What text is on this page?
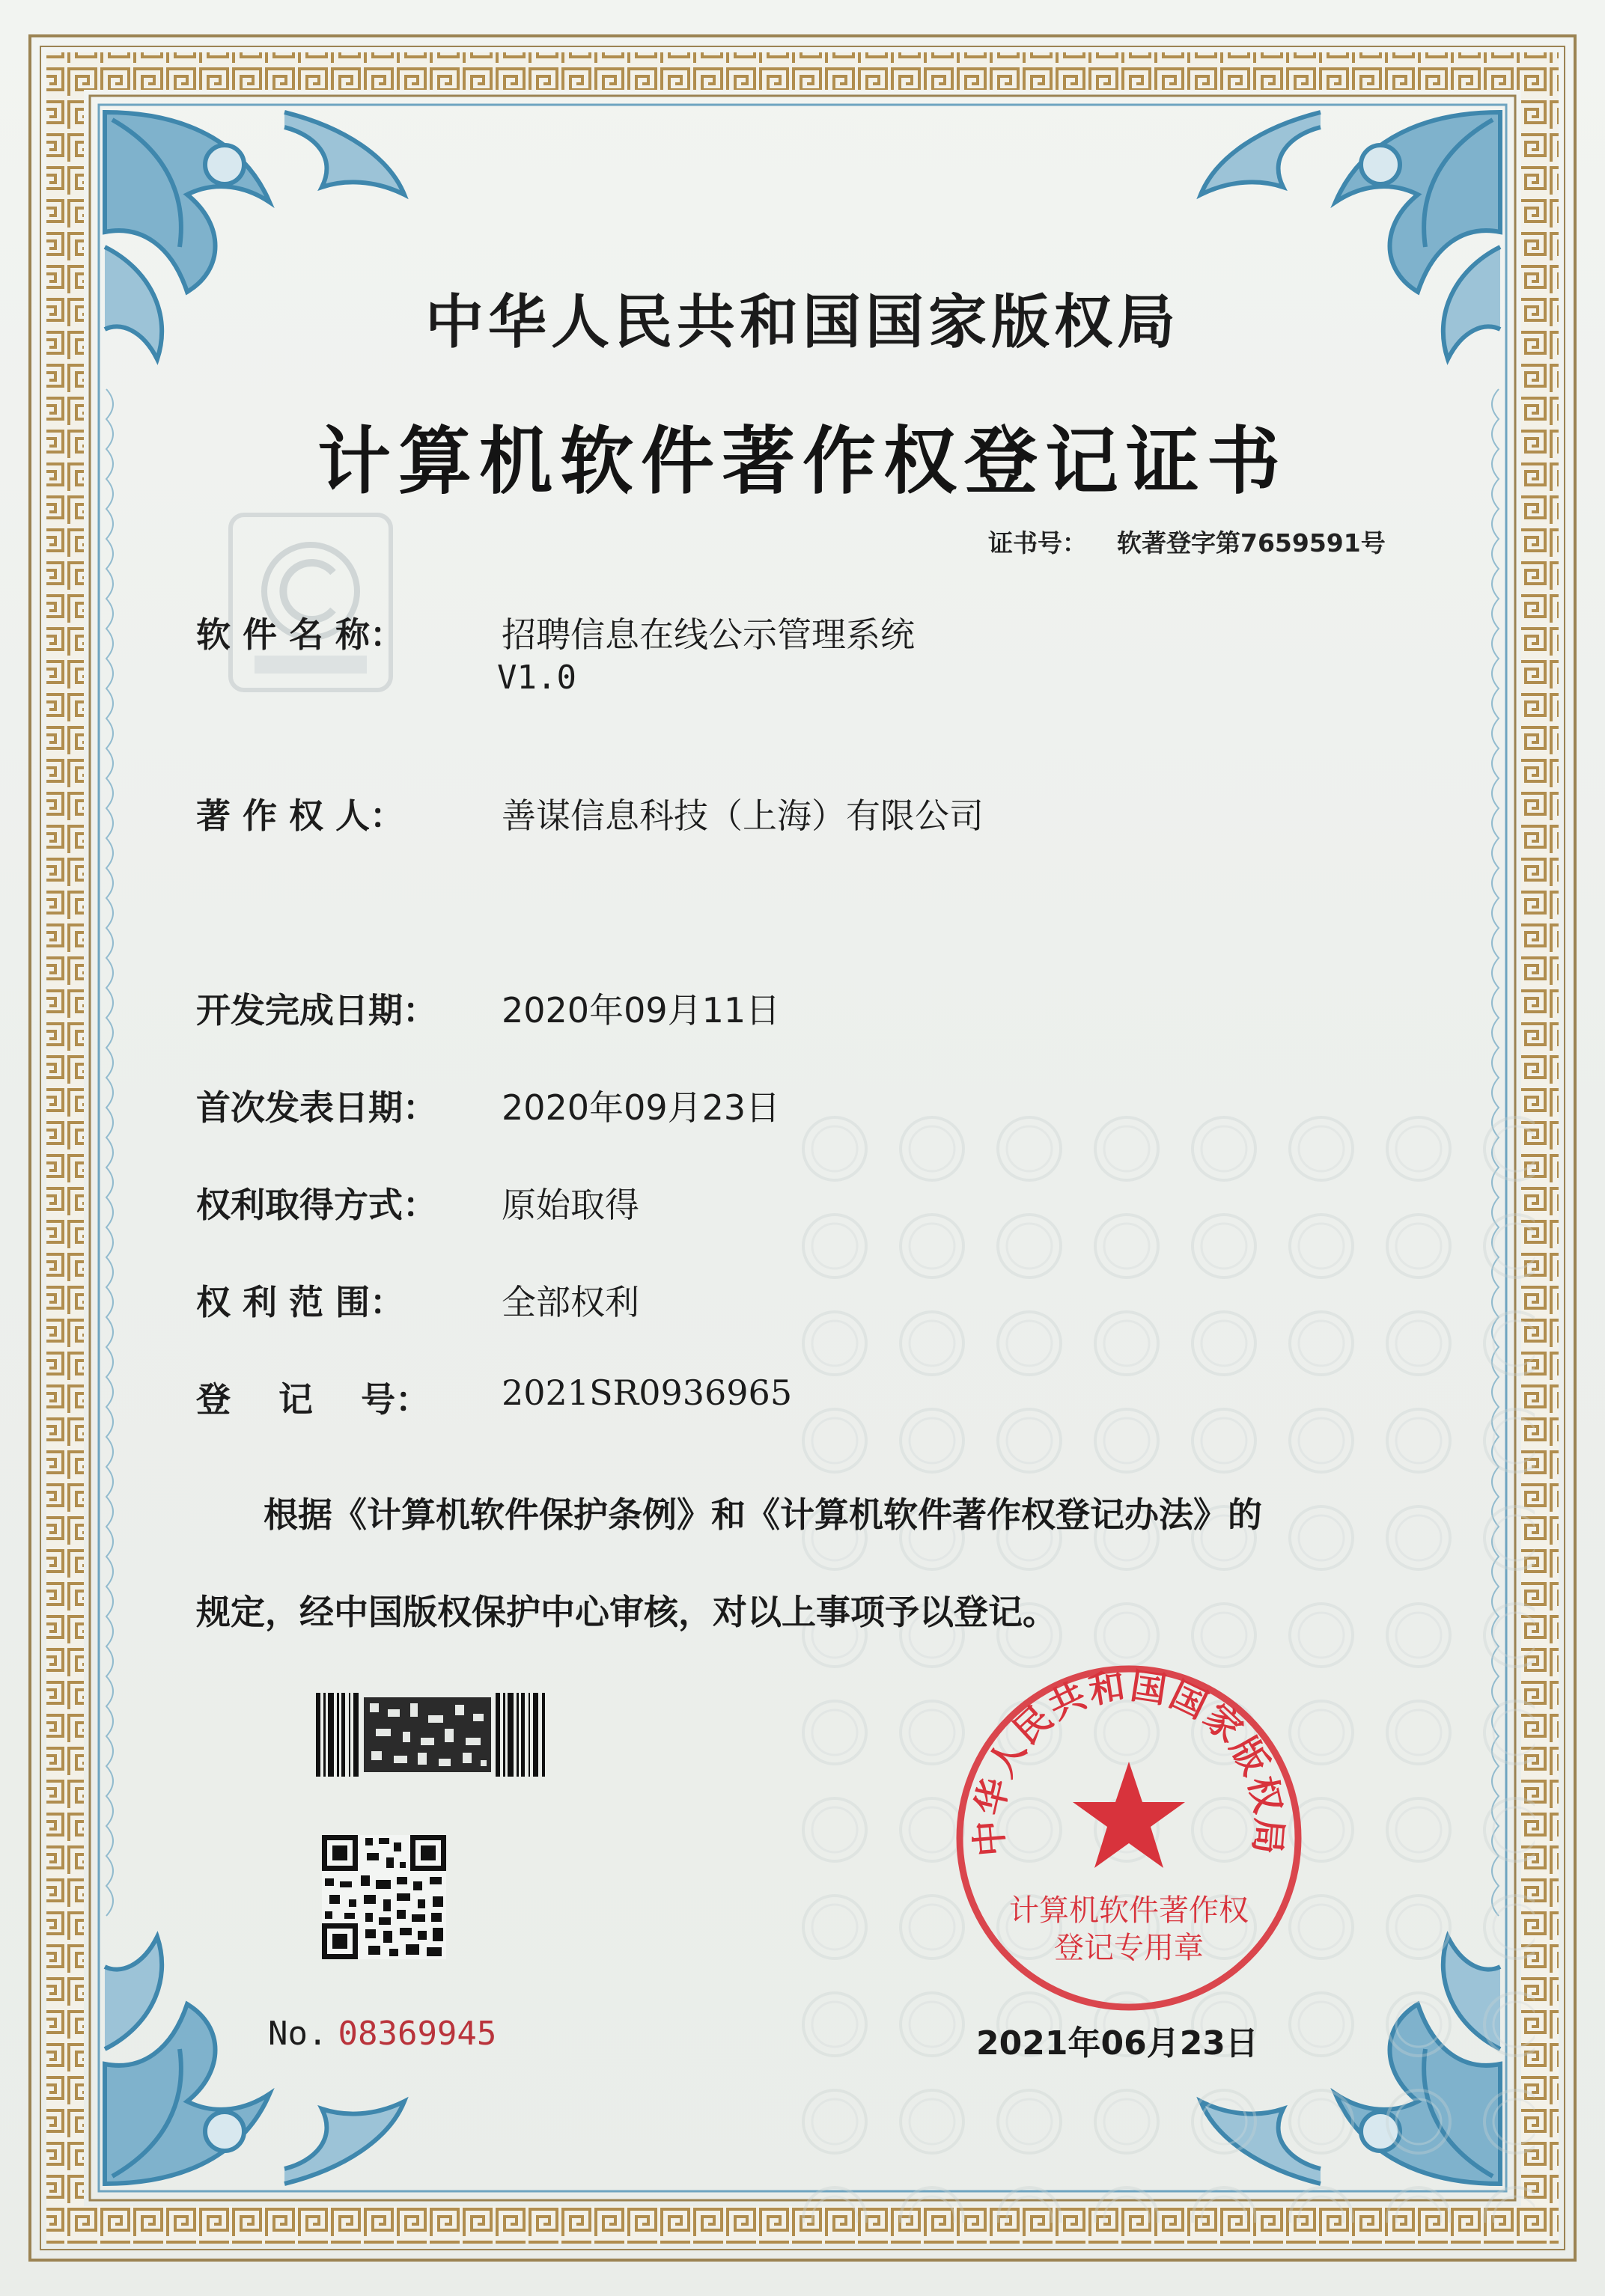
中华人民共和国国家版权局
计算机软件著作权登记证书
证书号： 软著登字第7659591号
软 件 名 称：	招聘信息在线公示管理系统
V1.0
著 作 权 人：	善谋信息科技（上海）有限公司
开发完成日期： 2020年09月11日
首次发表日期： 2020年09月23日
权利取得方式： 原始取得
权 利 范 围：	全部权利
登    记    号： 2021SR0936965
根据《计算机软件保护条例》和《计算机软件著作权登记办法》的
规定，经中国版权保护中心审核，对以上事项予以登记。
No. 08369945
中华人民共和国国家版权局
计算机软件著作权
登记专用章
2021年06月23日
